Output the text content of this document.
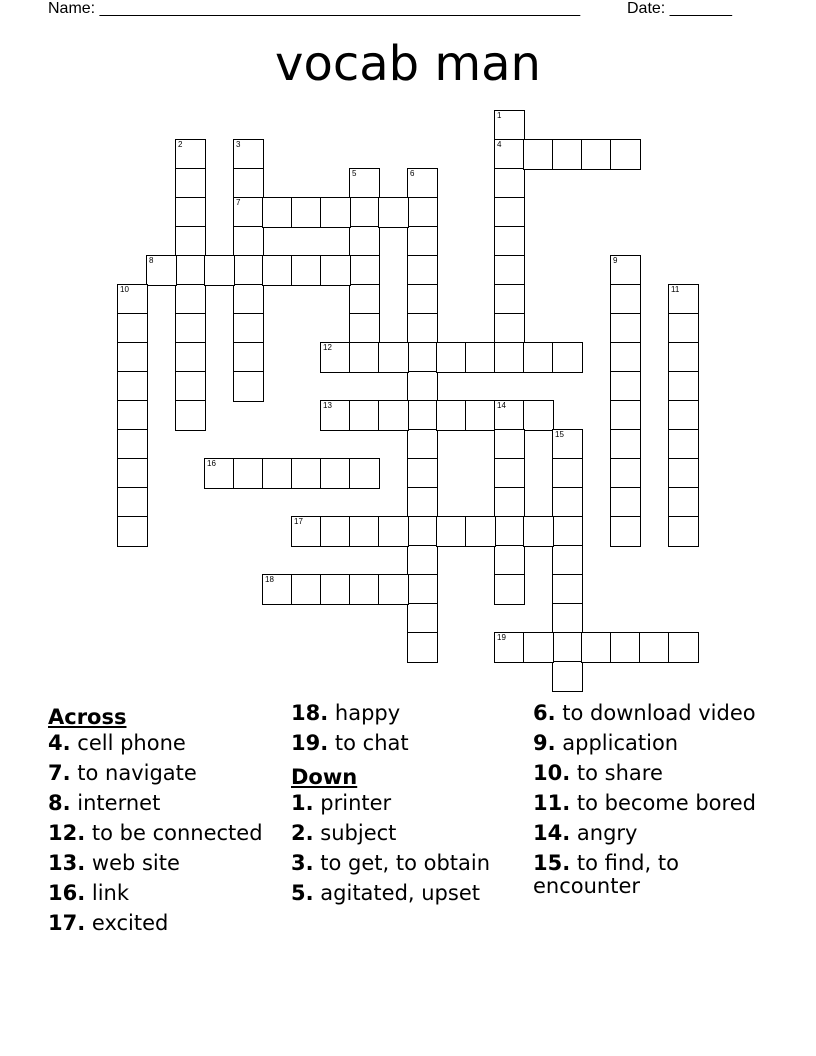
Name: ______________________________________________________	Date: _______
vocab man
1
4
2	3
7
5	6
8	9
10	11
12
13	14
15
16
17
18
19
Across
4. cell phone
7. to navigate
8. internet
12. to be connected
13. web site
16. link
17. excited
18. happy
19. to chat
Down
1. printer
2. subject
3. to get, to obtain
5. agitated, upset
6. to download video
9. application
10. to share
11. to become bored
14. angry
15. to find, to encounter
